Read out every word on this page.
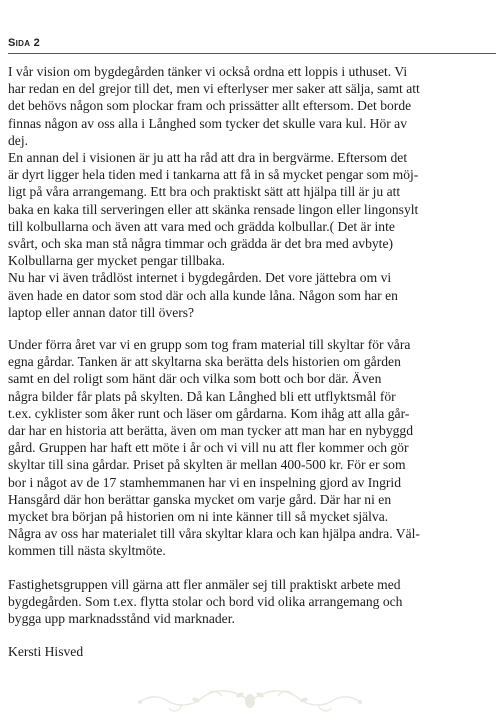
Sida 2

I vår vision om bygdegården tänker vi också ordna ett loppis i uthuset. Vi
har redan en del grejor till det, men vi efterlyser mer saker att sälja, samt att
det behövs någon som plockar fram och prissätter allt eftersom. Det borde
finnas någon av oss alla i Långhed som tycker det skulle vara kul. Hör av
dej.

En annan del i visionen är ju att ha råd att dra in bergvärme. Eftersom det
är dyrt ligger hela tiden med i tankarna att få in så mycket pengar som möj-
ligt på våra arrangemang. Ett bra och praktiskt sätt att hjälpa till är ju att
baka en kaka till serveringen eller att skänka rensade lingon eller lingonsylt
till kolbullarna och även att vara med och grädda kolbullar.( Det är inte
svårt, och ska man stå några timmar och grädda är det bra med avbyte)
Kolbullarna ger mycket pengar tillbaka.

Nu har vi även trådlöst internet i bygdegården. Det vore jättebra om vi
även hade en dator som stod där och alla kunde låna. Någon som har en
laptop eller annan dator till övers?

Under förra året var vi en grupp som tog fram material till skyltar för våra
egna gårdar. Tanken är att skyltarna ska berätta dels historien om gården
samt en del roligt som hänt där och vilka som bott och bor där. Även
några bilder får plats på skylten. Då kan Långhed bli ett utflyktsmål för
t.ex. cyklister som åker runt och läser om gårdarna. Kom ihåg att alla går-
dar har en historia att berätta, även om man tycker att man har en nybyggd
gård. Gruppen har haft ett möte i år och vi vill nu att fler kommer och gör
skyltar till sina gårdar. Priset på skylten är mellan 400-500 kr. För er som
bor i något av de 17 stamhemmanen har vi en inspelning gjord av Ingrid
Hansgård där hon berättar ganska mycket om varje gård. Där har ni en
mycket bra början på historien om ni inte känner till så mycket själva.
Några av oss har materialet till våra skyltar klara och kan hjälpa andra. Väl-
kommen till nästa skyltmöte.

Fastighetsgruppen vill gärna att fler anmäler sej till praktiskt arbete med
bygdegården. Som t.ex. flytta stolar och bord vid olika arrangemang och
bygga upp marknadsstånd vid marknader.

Kersti Hisved
